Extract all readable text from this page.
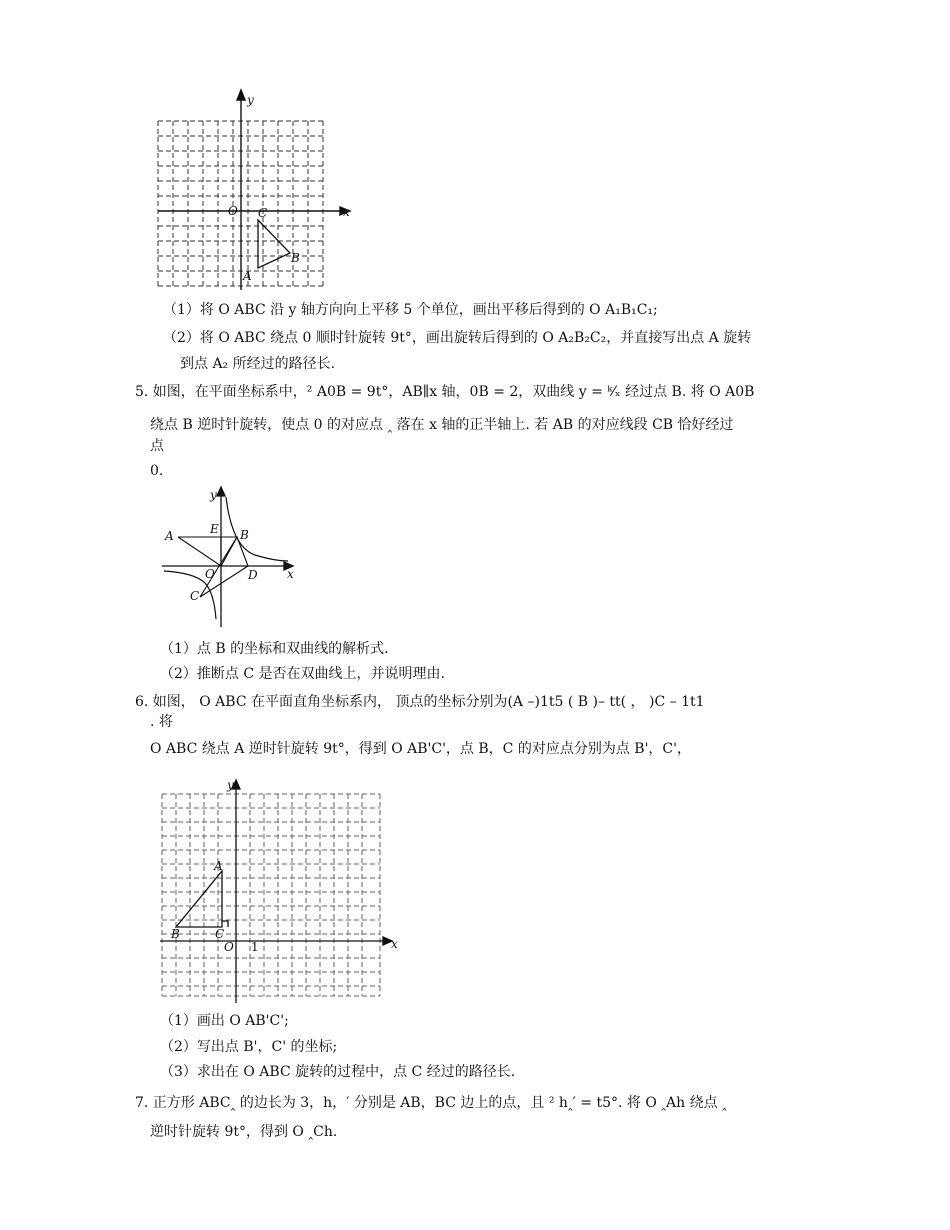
y
x
O C
B
A
（1）将 O ABC 沿 y 轴方向向上平移 5 个单位，画出平移后得到的 O A₁B₁C₁;
（2）将 O ABC 绕点 0 顺时针旋转 9t°，画出旋转后得到的 O A₂B₂C₂，并直接写出点 A 旋转
到点 A₂ 所经过的路径长.
5. 如图，在平面坐标系中，² A0B = 9t°，AB∥x 轴，0B = 2，双曲线 y = ᵏ⁄ₓ 经过点 B. 将 O A0B
绕点 B 逆时针旋转，使点 0 的对应点 ‸ 落在 x 轴的正半轴上. 若 AB 的对应线段 CB 恰好经过
点
0.
y
x
A	E B
O	D
C
（1）点 B 的坐标和双曲线的解析式.
（2）推断点 C 是否在双曲线上，并说明理由.
6. 如图， O ABC 在平面直角坐标系内， 顶点的坐标分别为(A –)1t5 ( B )– tt( ， )C – 1t1
. 将
O ABC 绕点 A 逆时针旋转 9t°，得到 O AB'C'，点 B，C 的对应点分别为点 B'，C'，
y
x
A
B	C
O 1
（1）画出 O AB'C';
（2）写出点 B'，C' 的坐标;
（3）求出在 O ABC 旋转的过程中，点 C 经过的路径长.
7. 正方形 ABC‸ 的边长为 3，h，′ 分别是 AB，BC 边上的点，且 ² h‸′ = t5°. 将 O ‸Ah 绕点 ‸
逆时针旋转 9t°，得到 O ‸Ch.
